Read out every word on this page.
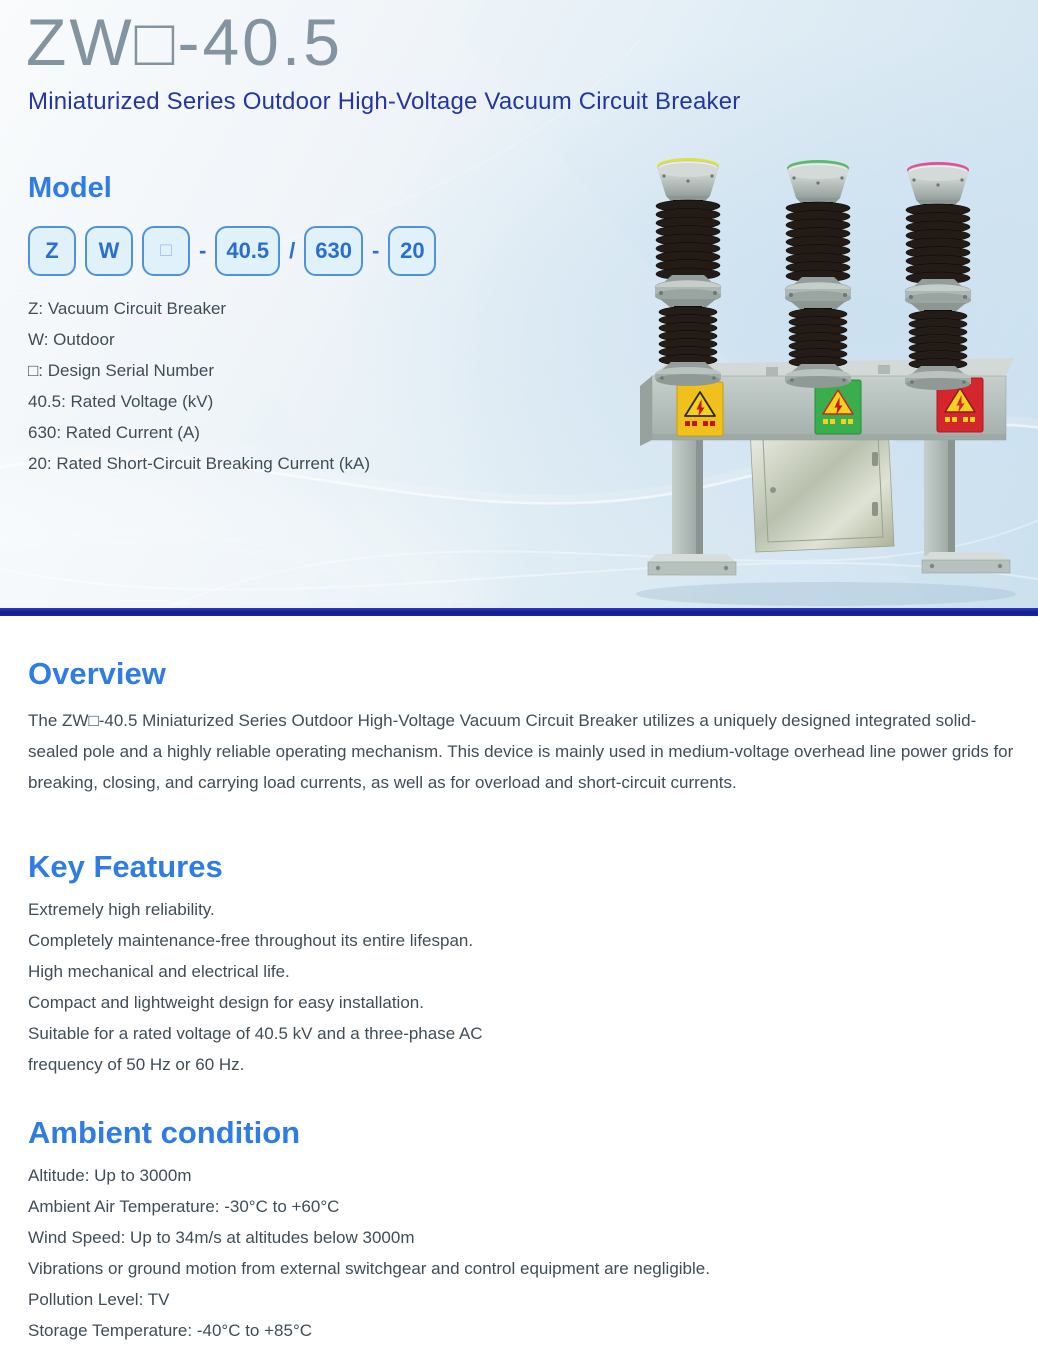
ZW□-40.5
Miniaturized Series Outdoor High-Voltage Vacuum Circuit Breaker
Model
Z	W	□	- 40.5 / 630 - 20
Z: Vacuum Circuit Breaker
W: Outdoor
□: Design Serial Number
40.5: Rated Voltage (kV)
630: Rated Current (A)
20: Rated Short-Circuit Breaking Current (kA)
Overview

The ZW□-40.5 Miniaturized Series Outdoor High-Voltage Vacuum Circuit Breaker utilizes a uniquely designed integrated solid-sealed pole and a highly reliable operating mechanism. This device is mainly used in medium-voltage overhead line power grids for breaking, closing, and carrying load currents, as well as for overload and short-circuit currents.

Key Features
Extremely high reliability.
Completely maintenance-free throughout its entire lifespan.
High mechanical and electrical life.
Compact and lightweight design for easy installation.
Suitable for a rated voltage of 40.5 kV and a three-phase AC frequency of 50 Hz or 60 Hz.
Ambient condition
Altitude: Up to 3000m
Ambient Air Temperature: -30°C to +60°C
Wind Speed: Up to 34m/s at altitudes below 3000m
Vibrations or ground motion from external switchgear and control equipment are negligible.
Pollution Level: TV
Storage Temperature: -40°C to +85°C
